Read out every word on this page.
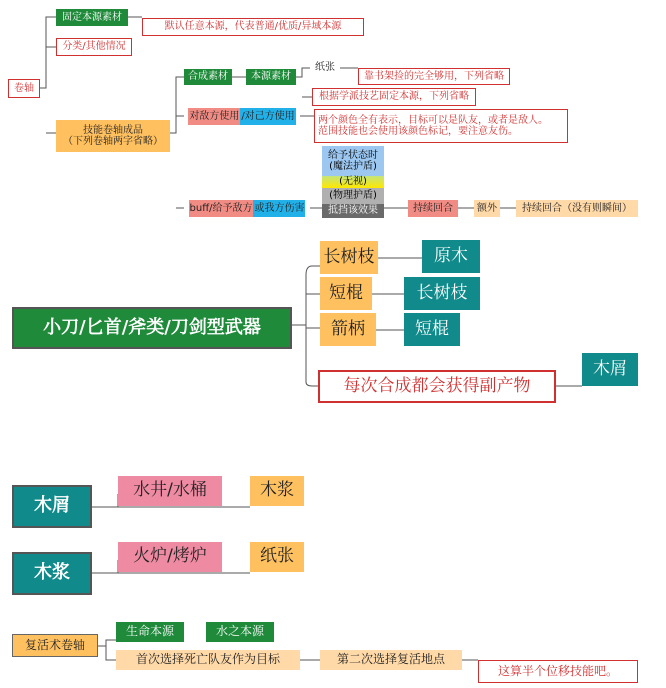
卷轴
固定本源素材
默认任意本源，代表普通/优质/异域本源
分类/其他情况
技能卷轴成品
（下列卷轴两字省略）
合成素材	本源素材
纸张
靠书架捡的完全够用，下列省略
根据学派技艺固定本源，下列省略
对敌方使用 /对己方使用 两个颜色全有表示，目标可以是队友，或者是敌人。
范围技能也会使用该颜色标记，要注意友伤。
buff/给予敌方 或我方伤害
给予状态时
(魔法护盾)
(无视)
(物理护盾)
抵挡该效果	持续回合	额外	持续回合（没有则瞬间）
小刀/匕首/斧类/刀剑型武器
长树枝	原木
短棍	长树枝
箭柄	短棍
每次合成都会获得副产物
木屑
木屑
水井/水桶	木浆
木浆
火炉/烤炉	纸张
复活术卷轴
生命本源	水之本源
首次选择死亡队友作为目标	第二次选择复活地点
这算半个位移技能吧。
